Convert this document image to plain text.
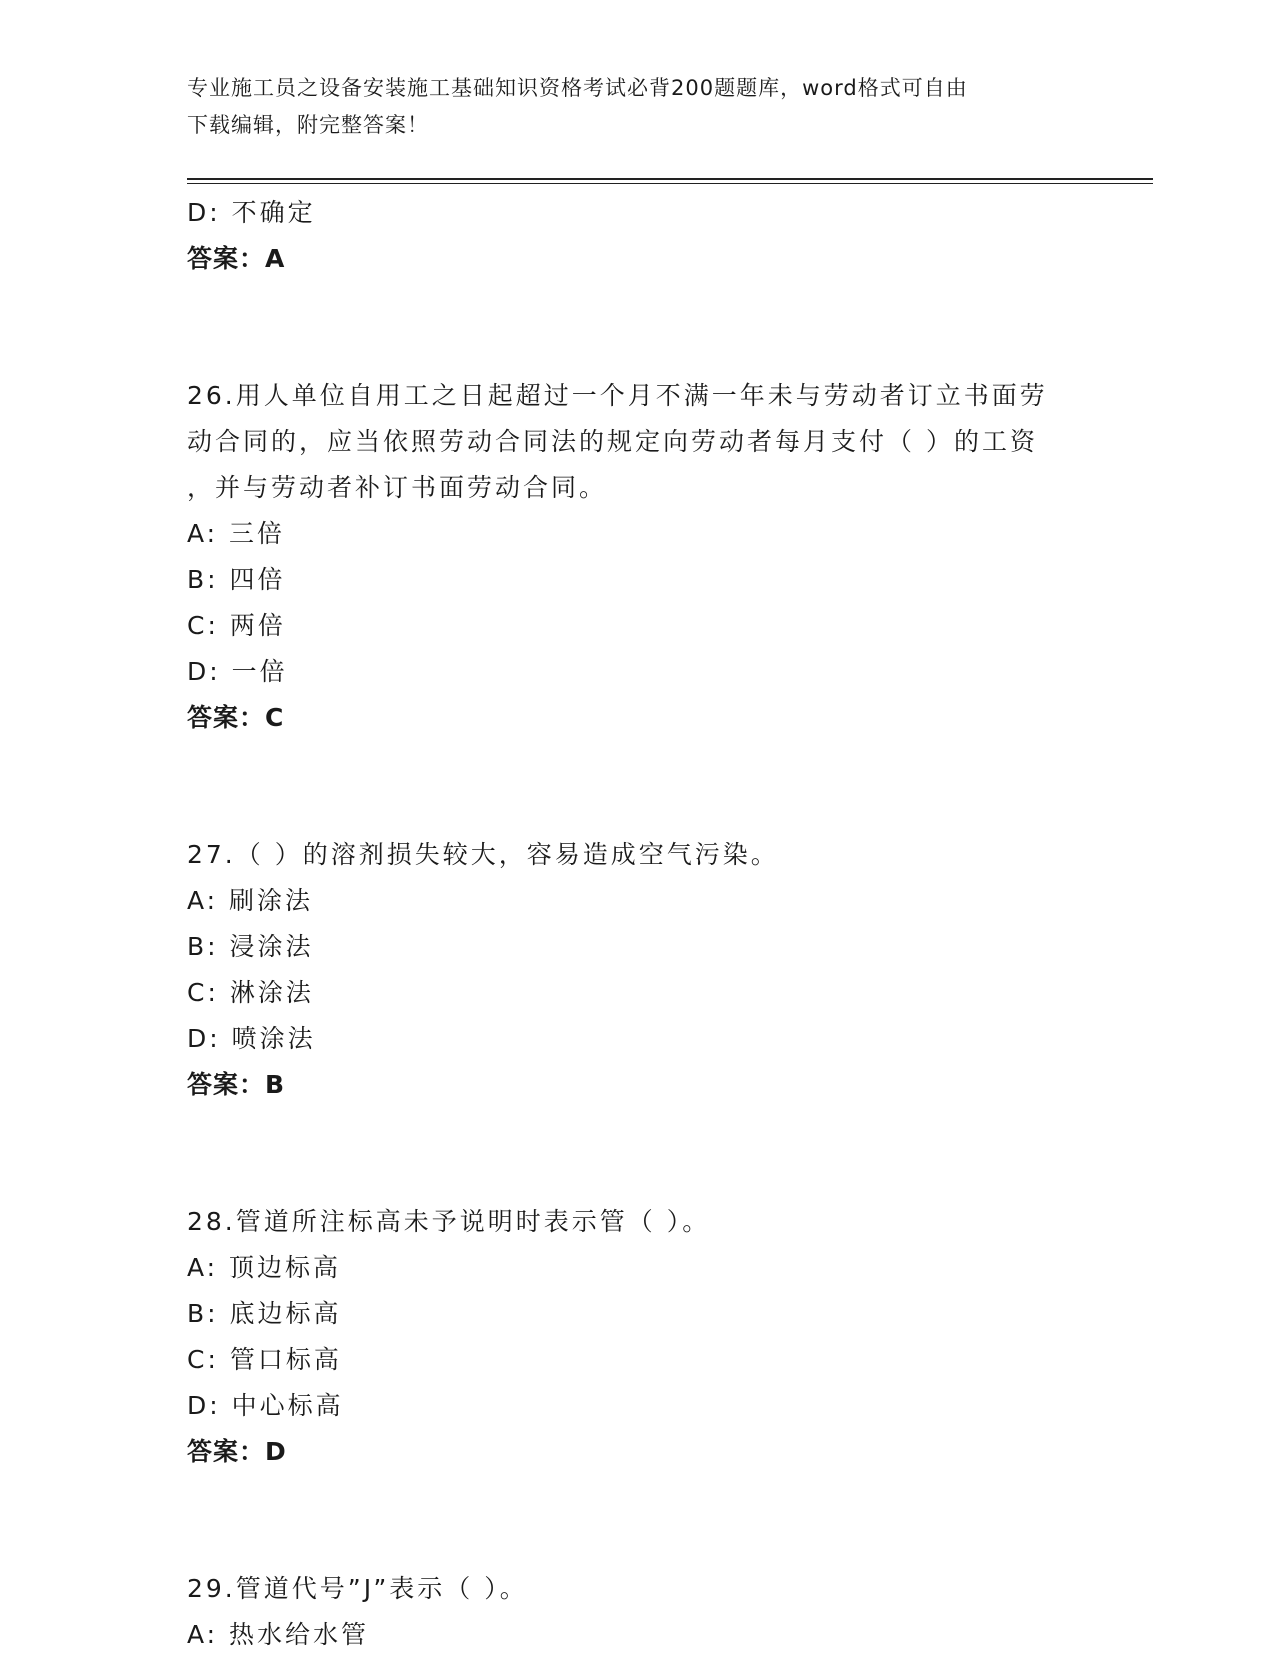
专业施工员之设备安装施工基础知识资格考试必背200题题库，word格式可自由
下载编辑，附完整答案！
D: 不确定
答案：A
26.用人单位自用工之日起超过一个月不满一年未与劳动者订立书面劳
动合同的，应当依照劳动合同法的规定向劳动者每月支付（ ）的工资
，并与劳动者补订书面劳动合同。
A: 三倍
B: 四倍
C: 两倍
D: 一倍
答案：C
27.（ ）的溶剂损失较大，容易造成空气污染。
A: 刷涂法
B: 浸涂法
C: 淋涂法
D: 喷涂法
答案：B
28.管道所注标高未予说明时表示管（ ）。
A: 顶边标高
B: 底边标高
C: 管口标高
D: 中心标高
答案：D
29.管道代号”J”表示（ ）。
A: 热水给水管
